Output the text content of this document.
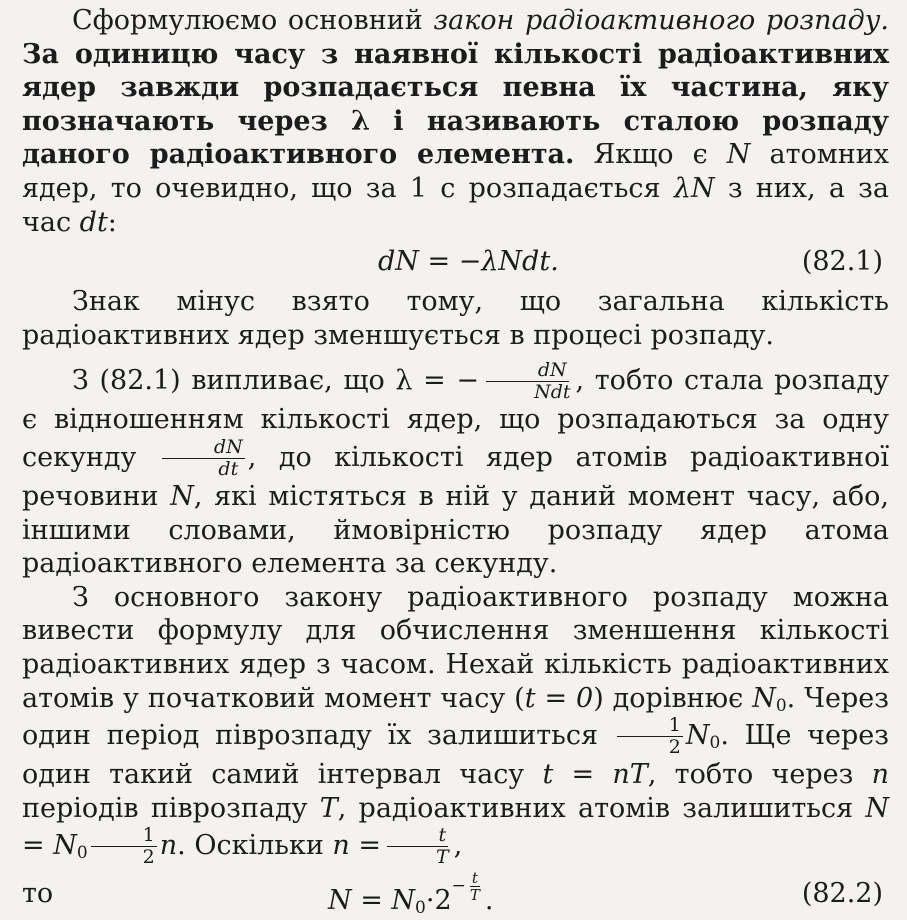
Сформулюємо основний закон радіоактивного розпаду. За одиницю часу з наявної кількості радіоактивних ядер завжди розпадається певна їх частина, яку позначають через λ і називають сталою розпаду даного радіоактивного елемента. Якщо є N атомних ядер, то очевидно, що за 1 с розпадається λN з них, а за час dt:

dN = −λNdt.	(82.1)

Знак мінус взято тому, що загальна кількість радіоактивних ядер зменшується в процесі розпаду.

З (82.1) випливає, що λ = − $\frac{dN}{\text{Ndt}}$ , тобто стала розпаду є відношенням кількості ядер, що розпадаються за одну секунду $\frac{dN}{dt}$ , до кількості ядер атомів радіоактивної речовини N, які містяться в ній у даний момент часу, або, іншими словами, ймовірністю розпаду ядер атома радіоактивного елемента за секунду.

З основного закону радіоактивного розпаду можна вивести формулу для обчислення зменшення кількості радіоактивних ядер з часом. Нехай кількість радіоактивних атомів у початковий момент часу (t = 0) дорівнює $N_0$. Через один період піврозпаду їх залишиться $\frac{1}{2} N_0$. Ще через один такий самий інтервал часу t = nT, тобто через n періодів піврозпаду T, радіоактивних атомів залишиться $N = N_0 \frac{1}{2} n$. Оскільки $n = \frac{t}{T}$ ,

то	$N = N_0\cdot 2 - \frac{t}{T}$ .	(82.2)
